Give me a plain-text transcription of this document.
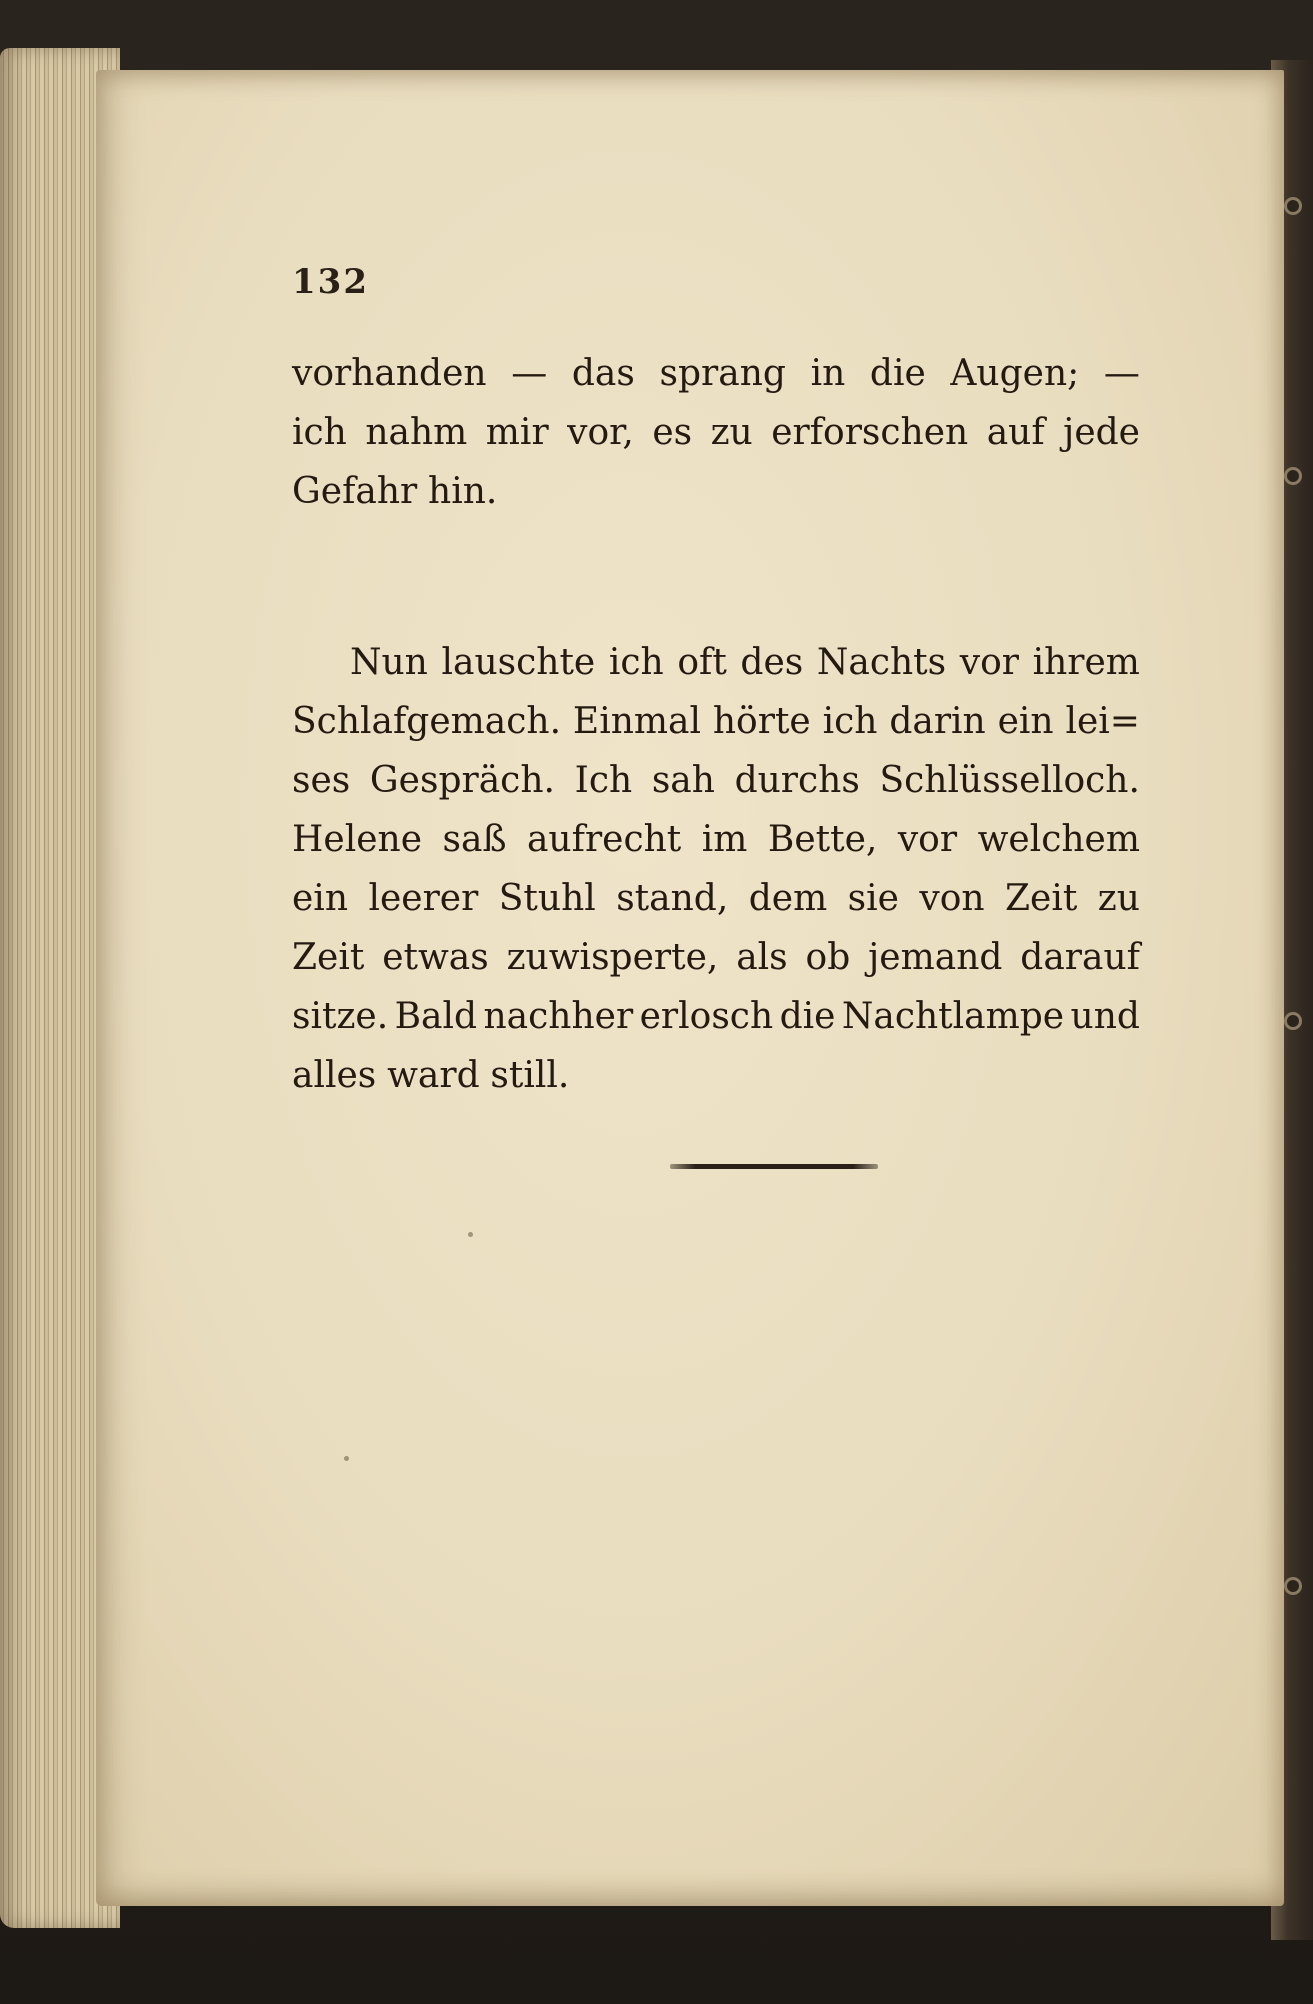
132
vorhanden — das sprang in die Augen; —
ich nahm mir vor, es zu erforschen auf jede
Gefahr hin.
Nun lauschte ich oft des Nachts vor ihrem
Schlafgemach. Einmal hörte ich darin ein lei=
ses Gespräch. Ich sah durchs Schlüsselloch.
Helene saß aufrecht im Bette, vor welchem
ein leerer Stuhl stand, dem sie von Zeit zu
Zeit etwas zuwisperte, als ob jemand darauf
sitze. Bald nachher erlosch die Nachtlampe und
alles ward still.
